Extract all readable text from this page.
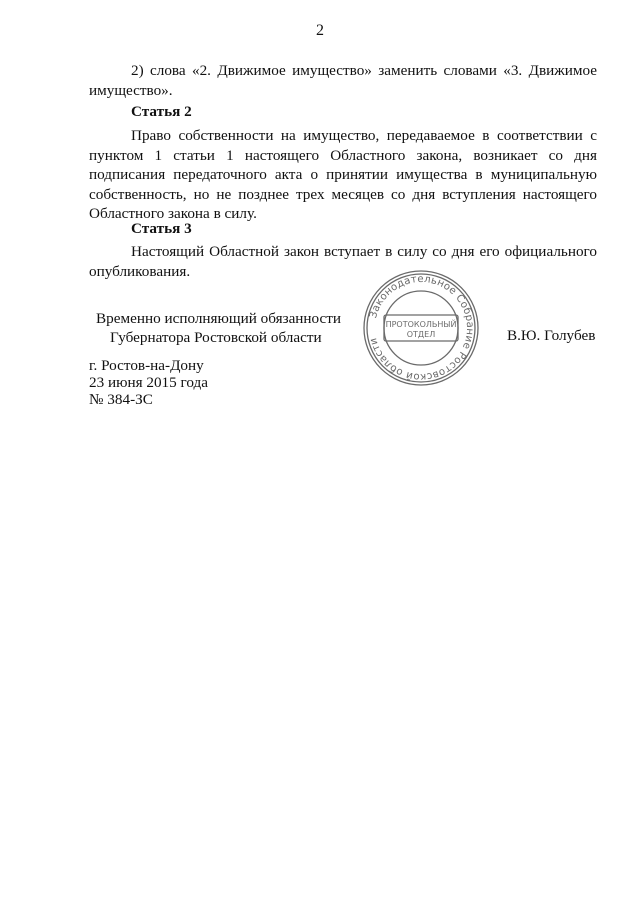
2
2) слова «2. Движимое имущество» заменить словами «3. Движимое
имущество».
Статья 2

Право собственности на имущество, передаваемое в соответствии с пунктом 1 статьи 1 настоящего Областного закона, возникает со дня подписания передаточного акта о принятии имущества в муниципальную собственность, но не позднее трех месяцев со дня вступления настоящего Областного закона в силу.

Статья 3

Настоящий Областной закон вступает в силу со дня его официального опубликования.

Временно исполняющий обязанности
Губернатора Ростовской области	В.Ю. Голубев
Законодательное Собрание Ростовской области
ПРОТОКОЛЬНЫЙ
ОТДЕЛ
г. Ростов-на-Дону
23 июня 2015 года
№ 384-ЗС
